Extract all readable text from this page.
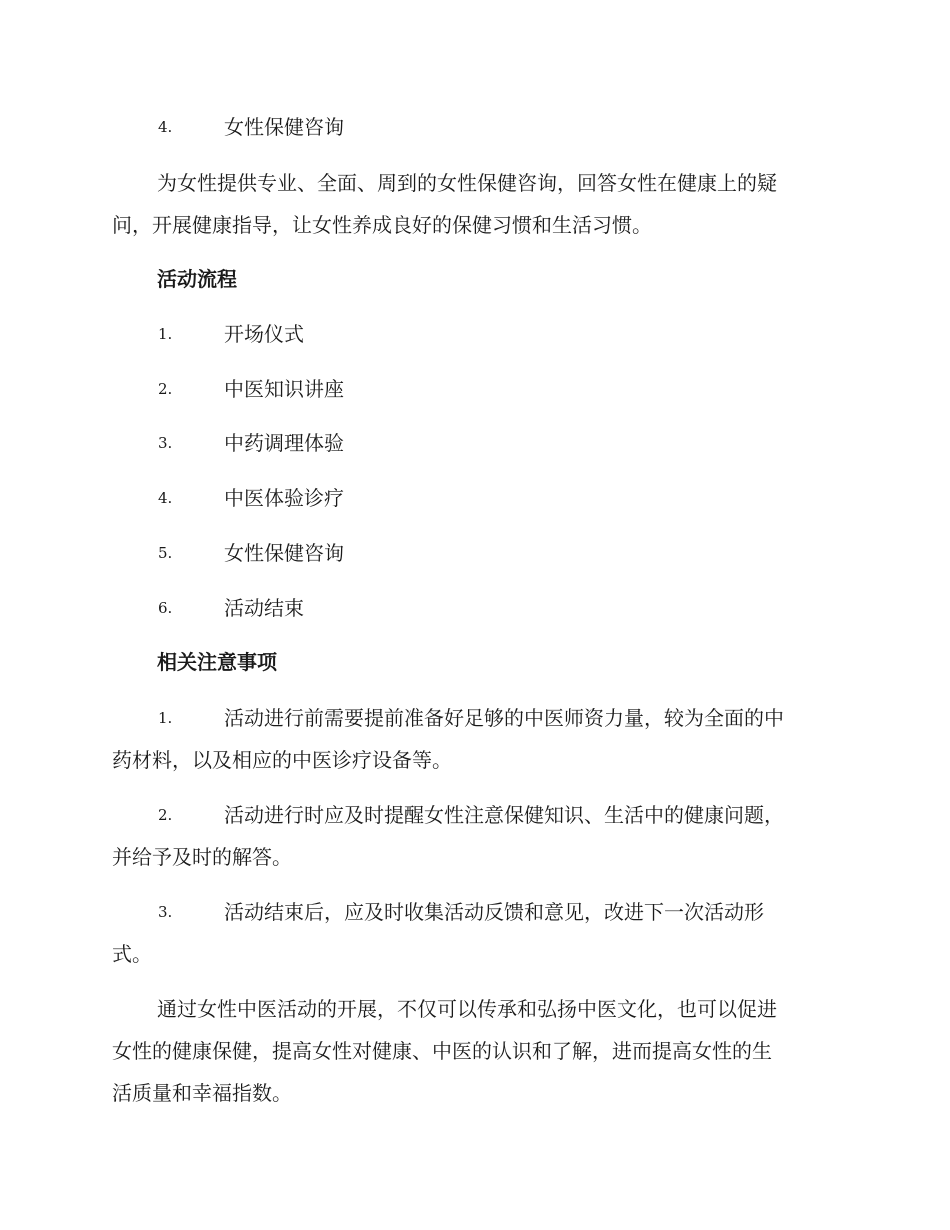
4.	女性保健咨询
为女性提供专业、全面、周到的女性保健咨询，回答女性在健康上的疑
问，开展健康指导，让女性养成良好的保健习惯和生活习惯。
活动流程
1.	开场仪式
2.	中医知识讲座
3.	中药调理体验
4.	中医体验诊疗
5.	女性保健咨询
6.	活动结束
相关注意事项
1.	活动进行前需要提前准备好足够的中医师资力量，较为全面的中
药材料，以及相应的中医诊疗设备等。
2.	活动进行时应及时提醒女性注意保健知识、生活中的健康问题，
并给予及时的解答。
3.	活动结束后，应及时收集活动反馈和意见，改进下一次活动形
式。
通过女性中医活动的开展，不仅可以传承和弘扬中医文化，也可以促进
女性的健康保健，提高女性对健康、中医的认识和了解，进而提高女性的生
活质量和幸福指数。
